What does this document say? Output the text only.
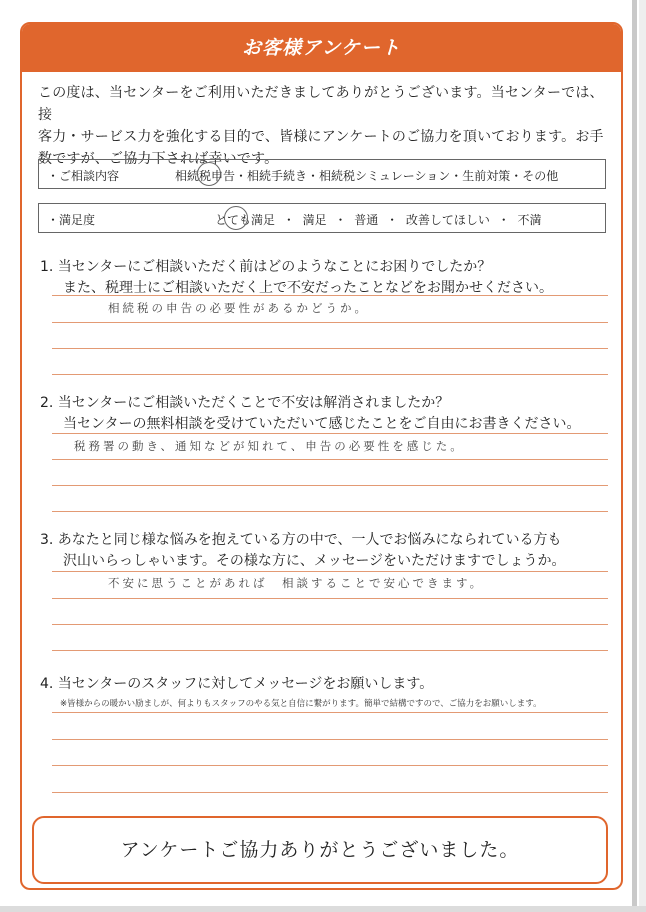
お客様アンケート
この度は、当センターをご利用いただきましてありがとうございます。当センターでは、接
客力・サービス力を強化する目的で、皆様にアンケートのご協力を頂いております。お手
数ですが、ご協力下されば幸いです。
・ご相談内容	相続税申告・相続手続き・相続税シミュレーション・生前対策・その他
・満足度	とても満足 ・ 満足 ・ 普通 ・ 改善してほしい ・ 不満
1. 当センターにご相談いただく前はどのようなことにお困りでしたか？
また、税理士にご相談いただく上で不安だったことなどをお聞かせください。
相続税の申告の必要性があるかどうか。
2. 当センターにご相談いただくことで不安は解消されましたか？
当センターの無料相談を受けていただいて感じたことをご自由にお書きください。
税務署の動き、通知などが知れて、申告の必要性を感じた。
3. あなたと同じ様な悩みを抱えている方の中で、一人でお悩みになられている方も
沢山いらっしゃいます。その様な方に、メッセージをいただけますでしょうか。
不安に思うことがあれば　相談することで安心できます。
4. 当センターのスタッフに対してメッセージをお願いします。
※皆様からの暖かい励ましが、何よりもスタッフのやる気と自信に繋がります。簡単で結構ですので、ご協力をお願いします。
アンケートご協力ありがとうございました。
